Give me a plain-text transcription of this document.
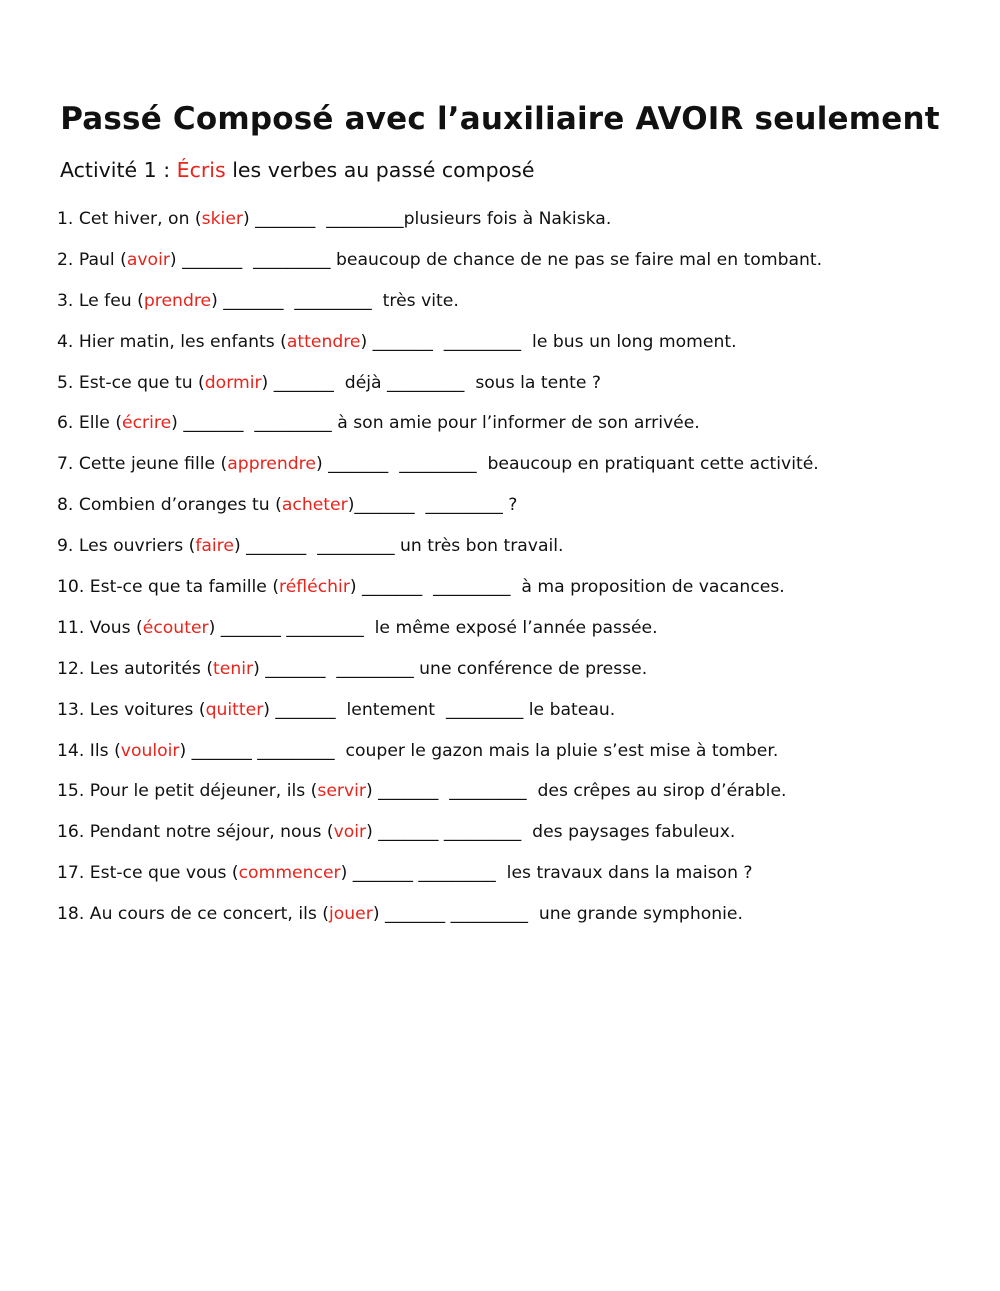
Passé Composé avec l’auxiliaire AVOIR seulement
Activité 1 : Écris les verbes au passé composé
1. Cet hiver, on (skier) _______  _________plusieurs fois à Nakiska.
2. Paul (avoir) _______  _________ beaucoup de chance de ne pas se faire mal en tombant.
3. Le feu (prendre) _______  _________  très vite.
4. Hier matin, les enfants (attendre) _______  _________  le bus un long moment.
5. Est-ce que tu (dormir) _______  déjà _________  sous la tente ?
6. Elle (écrire) _______  _________ à son amie pour l’informer de son arrivée.
7. Cette jeune fille (apprendre) _______  _________  beaucoup en pratiquant cette activité.
8. Combien d’oranges tu (acheter)_______  _________ ?
9. Les ouvriers (faire) _______  _________ un très bon travail.
10. Est-ce que ta famille (réfléchir) _______  _________  à ma proposition de vacances.
11. Vous (écouter) _______ _________  le même exposé l’année passée.
12. Les autorités (tenir) _______  _________ une conférence de presse.
13. Les voitures (quitter) _______  lentement  _________ le bateau.
14. Ils (vouloir) _______ _________  couper le gazon mais la pluie s’est mise à tomber.
15. Pour le petit déjeuner, ils (servir) _______  _________  des crêpes au sirop d’érable.
16. Pendant notre séjour, nous (voir) _______ _________  des paysages fabuleux.
17. Est-ce que vous (commencer) _______ _________  les travaux dans la maison ?
18. Au cours de ce concert, ils (jouer) _______ _________  une grande symphonie.
